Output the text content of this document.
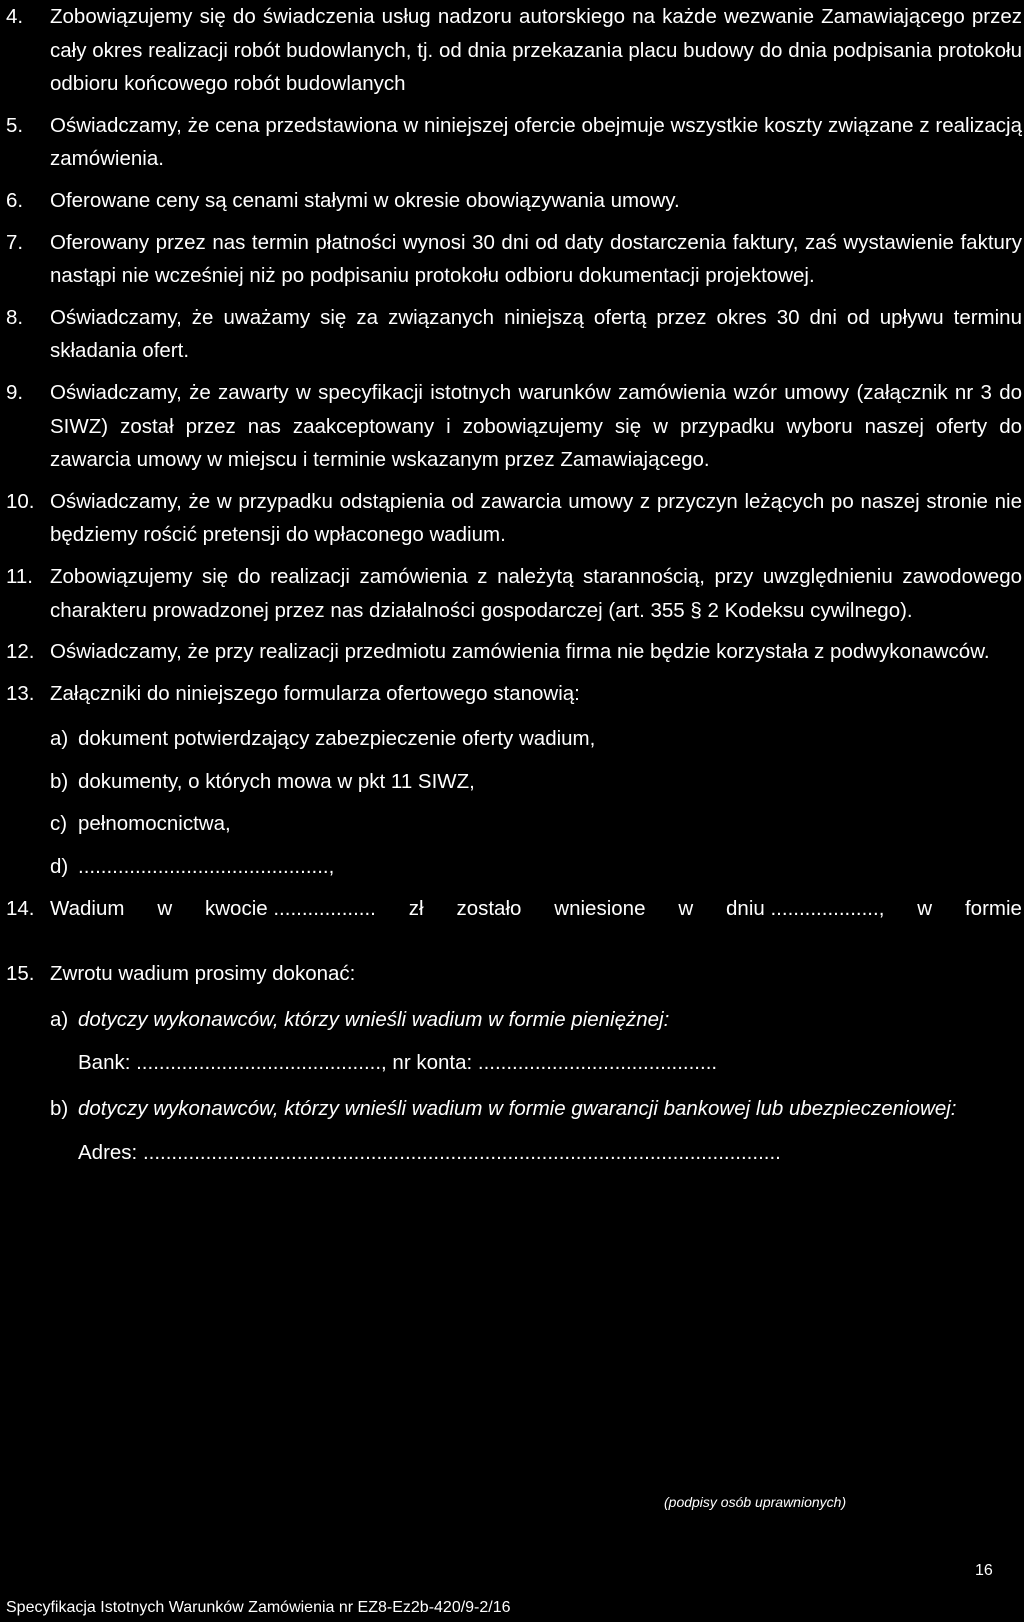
4. Zobowiązujemy się do świadczenia usług nadzoru autorskiego na każde wezwanie Zamawiającego przez cały okres realizacji robót budowlanych, tj. od dnia przekazania placu budowy do dnia podpisania protokołu odbioru końcowego robót budowlanych
5. Oświadczamy, że cena przedstawiona w niniejszej ofercie obejmuje wszystkie koszty związane z realizacją zamówienia.
6. Oferowane ceny są cenami stałymi w okresie obowiązywania umowy.
7. Oferowany przez nas termin płatności wynosi 30 dni od daty dostarczenia faktury, zaś wystawienie faktury nastąpi nie wcześniej niż po podpisaniu protokołu odbioru dokumentacji projektowej.
8. Oświadczamy, że uważamy się za związanych niniejszą ofertą przez okres 30 dni od upływu terminu składania ofert.
9. Oświadczamy, że zawarty w specyfikacji istotnych warunków zamówienia wzór umowy (załącznik nr 3 do SIWZ) został przez nas zaakceptowany i zobowiązujemy się w przypadku wyboru naszej oferty do zawarcia umowy w miejscu i terminie wskazanym przez Zamawiającego.
10. Oświadczamy, że w przypadku odstąpienia od zawarcia umowy z przyczyn leżących po naszej stronie nie będziemy rościć pretensji do wpłaconego wadium.
11. Zobowiązujemy się do realizacji zamówienia z należytą starannością, przy uwzględnieniu zawodowego charakteru prowadzonej przez nas działalności gospodarczej (art. 355 § 2 Kodeksu cywilnego).
12. Oświadczamy, że przy realizacji przedmiotu zamówienia firma nie będzie korzystała z podwykonawców.
13. Załączniki do niniejszego formularza ofertowego stanowią:
a) dokument potwierdzający zabezpieczenie oferty wadium,
b) dokumenty, o których mowa w pkt 11 SIWZ,
c) pełnomocnictwa,
d) ............................................,
14. Wadium w kwocie .................. zł zostało wniesione w dniu ..................., w formie
15. Zwrotu wadium prosimy dokonać:
a) dotyczy wykonawców, którzy wnieśli wadium w formie pieniężnej:
Bank: ..........................................., nr konta: ..........................................
b) dotyczy wykonawców, którzy wnieśli wadium w formie gwarancji bankowej lub ubezpieczeniowej:
Adres: ................................................................................................................
(podpisy osób uprawnionych)
16
Specyfikacja Istotnych Warunków Zamówienia nr EZ8-Ez2b-420/9-2/16
